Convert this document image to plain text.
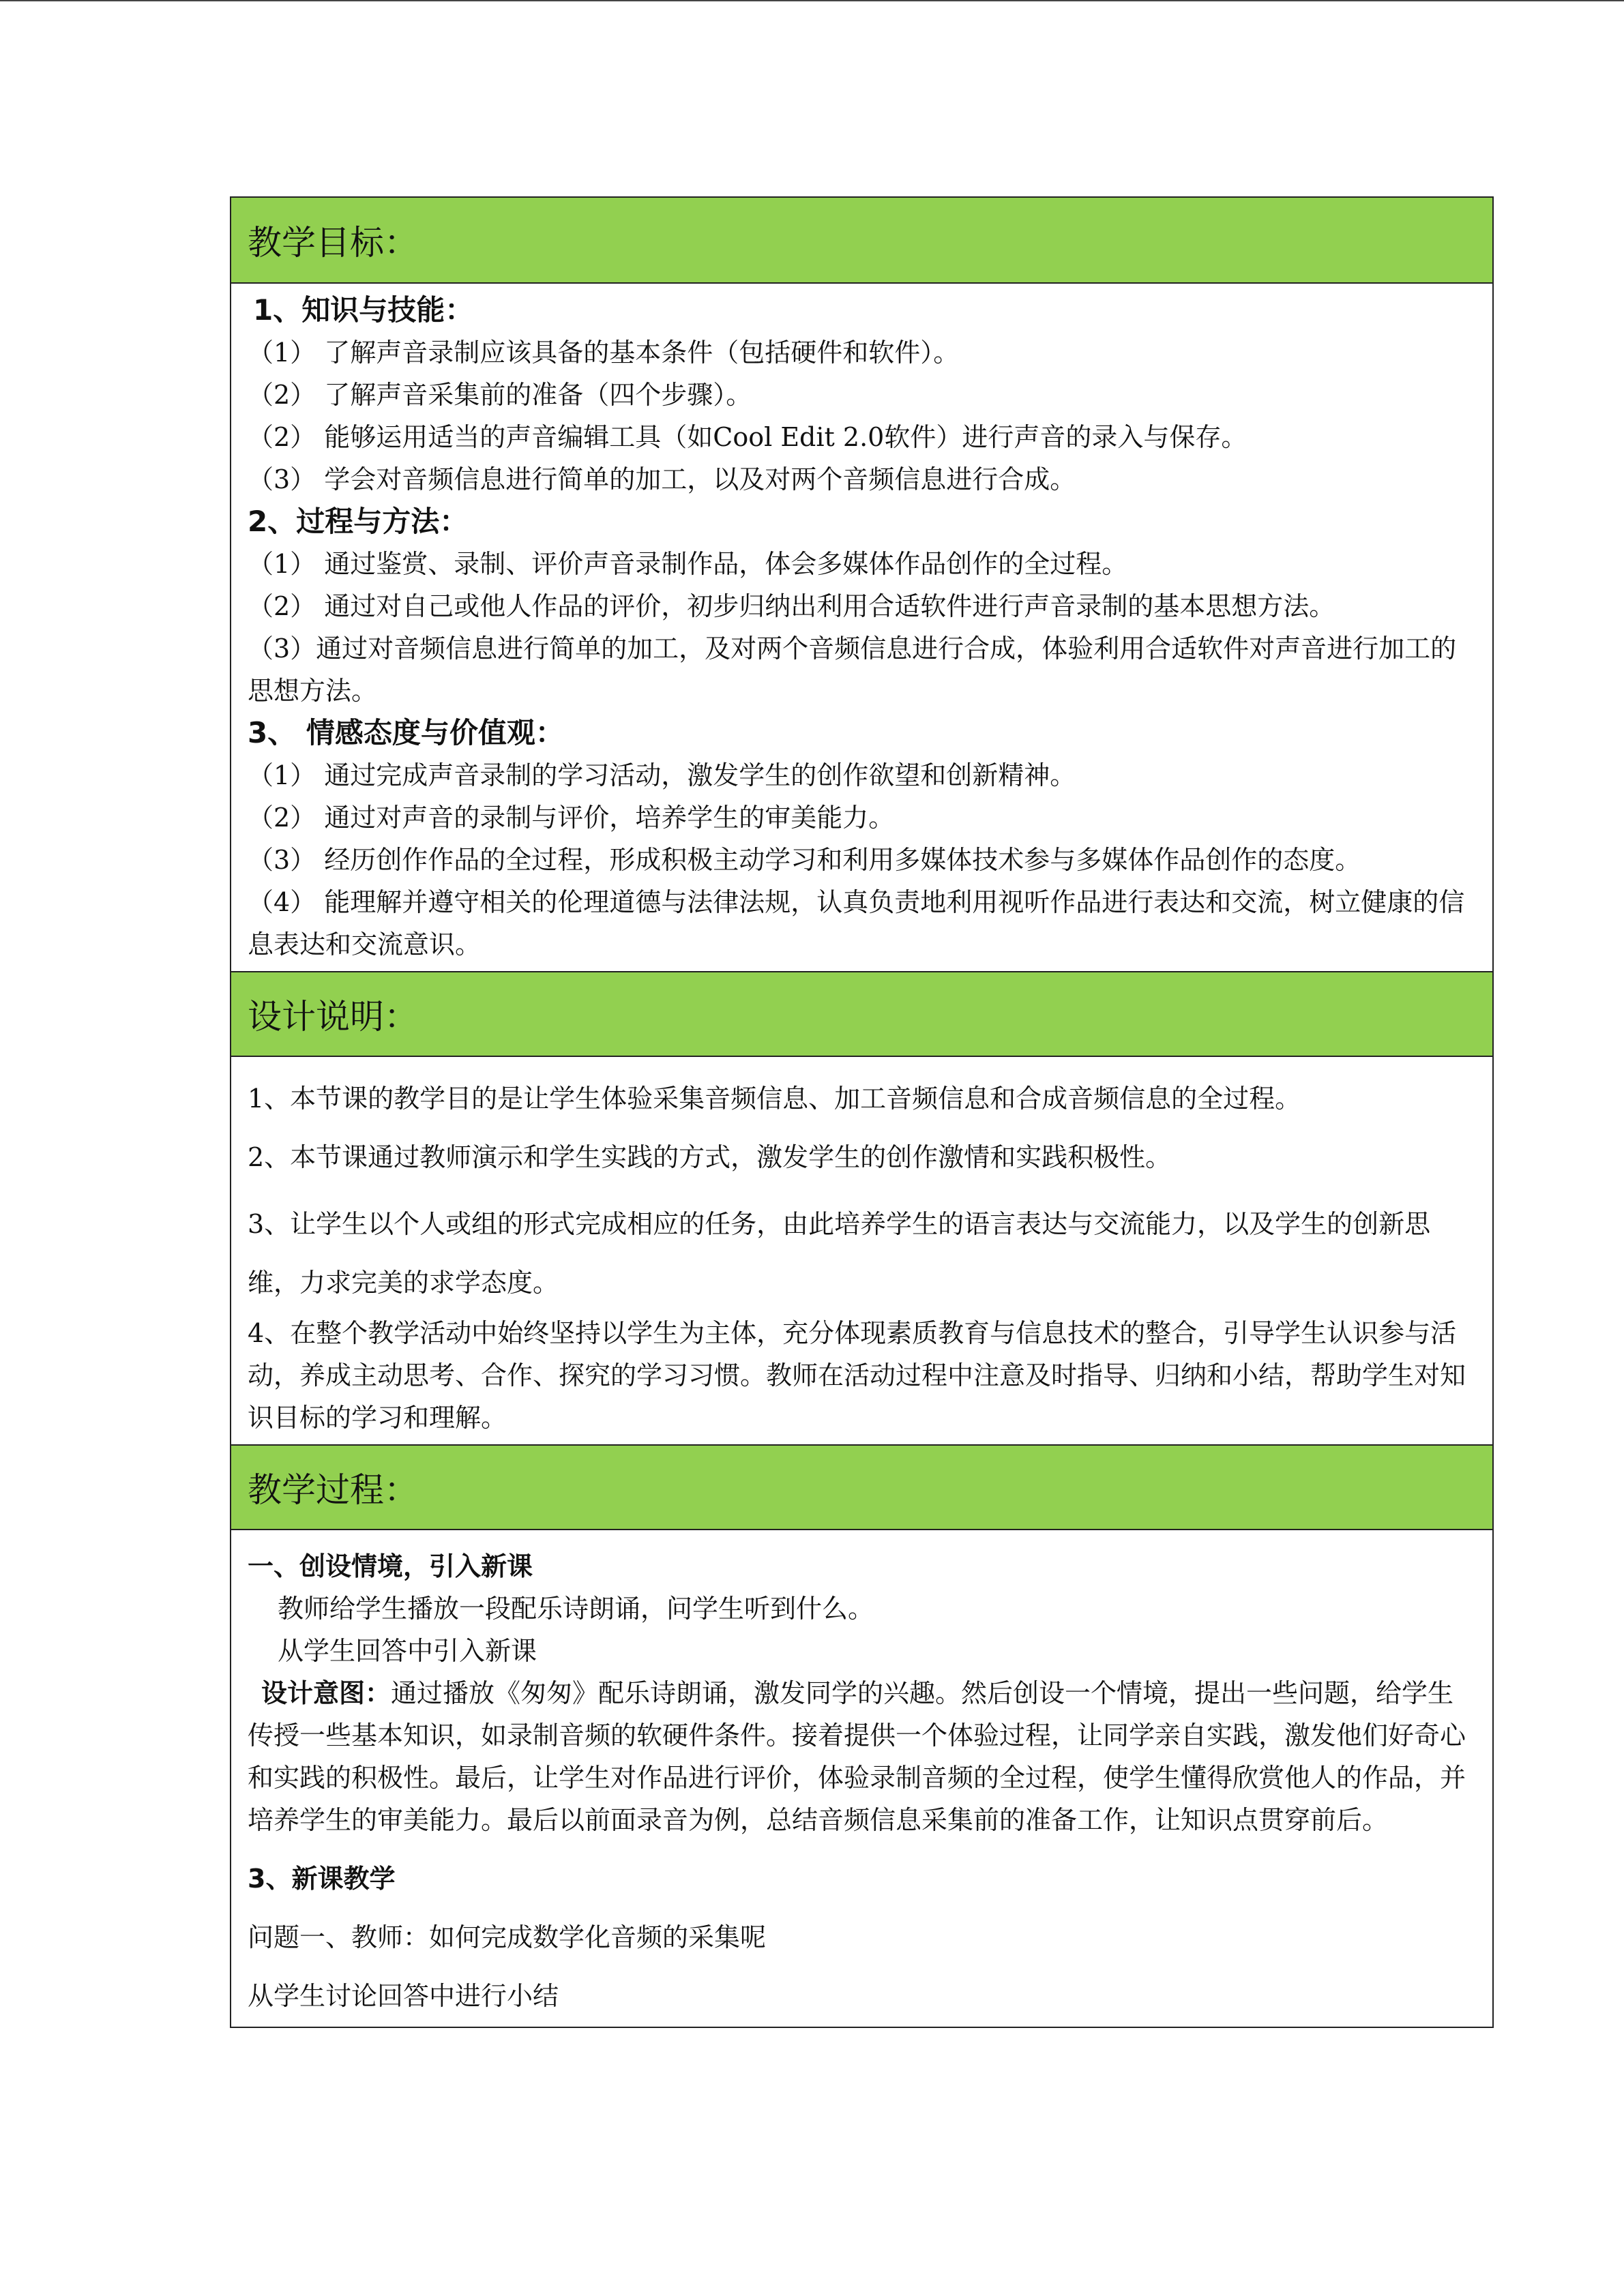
教学目标：
1、知识与技能：
（1） 了解声音录制应该具备的基本条件（包括硬件和软件）。
（2） 了解声音采集前的准备（四个步骤）。
（2） 能够运用适当的声音编辑工具（如Cool Edit 2.0软件）进行声音的录入与保存。
（3） 学会对音频信息进行简单的加工，以及对两个音频信息进行合成。
2、过程与方法：
（1） 通过鉴赏、录制、评价声音录制作品，体会多媒体作品创作的全过程。
（2） 通过对自己或他人作品的评价，初步归纳出利用合适软件进行声音录制的基本思想方法。
（3）通过对音频信息进行简单的加工，及对两个音频信息进行合成，体验利用合适软件对声音进行加工的思想方法。
3、 情感态度与价值观：
（1） 通过完成声音录制的学习活动，激发学生的创作欲望和创新精神。
（2） 通过对声音的录制与评价，培养学生的审美能力。
（3） 经历创作作品的全过程，形成积极主动学习和利用多媒体技术参与多媒体作品创作的态度。
（4） 能理解并遵守相关的伦理道德与法律法规，认真负责地利用视听作品进行表达和交流，树立健康的信息表达和交流意识。
设计说明：
1、本节课的教学目的是让学生体验采集音频信息、加工音频信息和合成音频信息的全过程。
2、本节课通过教师演示和学生实践的方式，激发学生的创作激情和实践积极性。
3、让学生以个人或组的形式完成相应的任务，由此培养学生的语言表达与交流能力，以及学生的创新思维，力求完美的求学态度。
4、在整个教学活动中始终坚持以学生为主体，充分体现素质教育与信息技术的整合，引导学生认识参与活动，养成主动思考、合作、探究的学习习惯。教师在活动过程中注意及时指导、归纳和小结，帮助学生对知识目标的学习和理解。
教学过程：
一、创设情境，引入新课
教师给学生播放一段配乐诗朗诵，问学生听到什么。
从学生回答中引入新课
设计意图：通过播放《匆匆》配乐诗朗诵，激发同学的兴趣。然后创设一个情境，提出一些问题，给学生传授一些基本知识，如录制音频的软硬件条件。接着提供一个体验过程，让同学亲自实践，激发他们好奇心和实践的积极性。最后，让学生对作品进行评价，体验录制音频的全过程，使学生懂得欣赏他人的作品，并培养学生的审美能力。最后以前面录音为例，总结音频信息采集前的准备工作，让知识点贯穿前后。
3、新课教学
问题一、教师：如何完成数学化音频的采集呢
从学生讨论回答中进行小结
